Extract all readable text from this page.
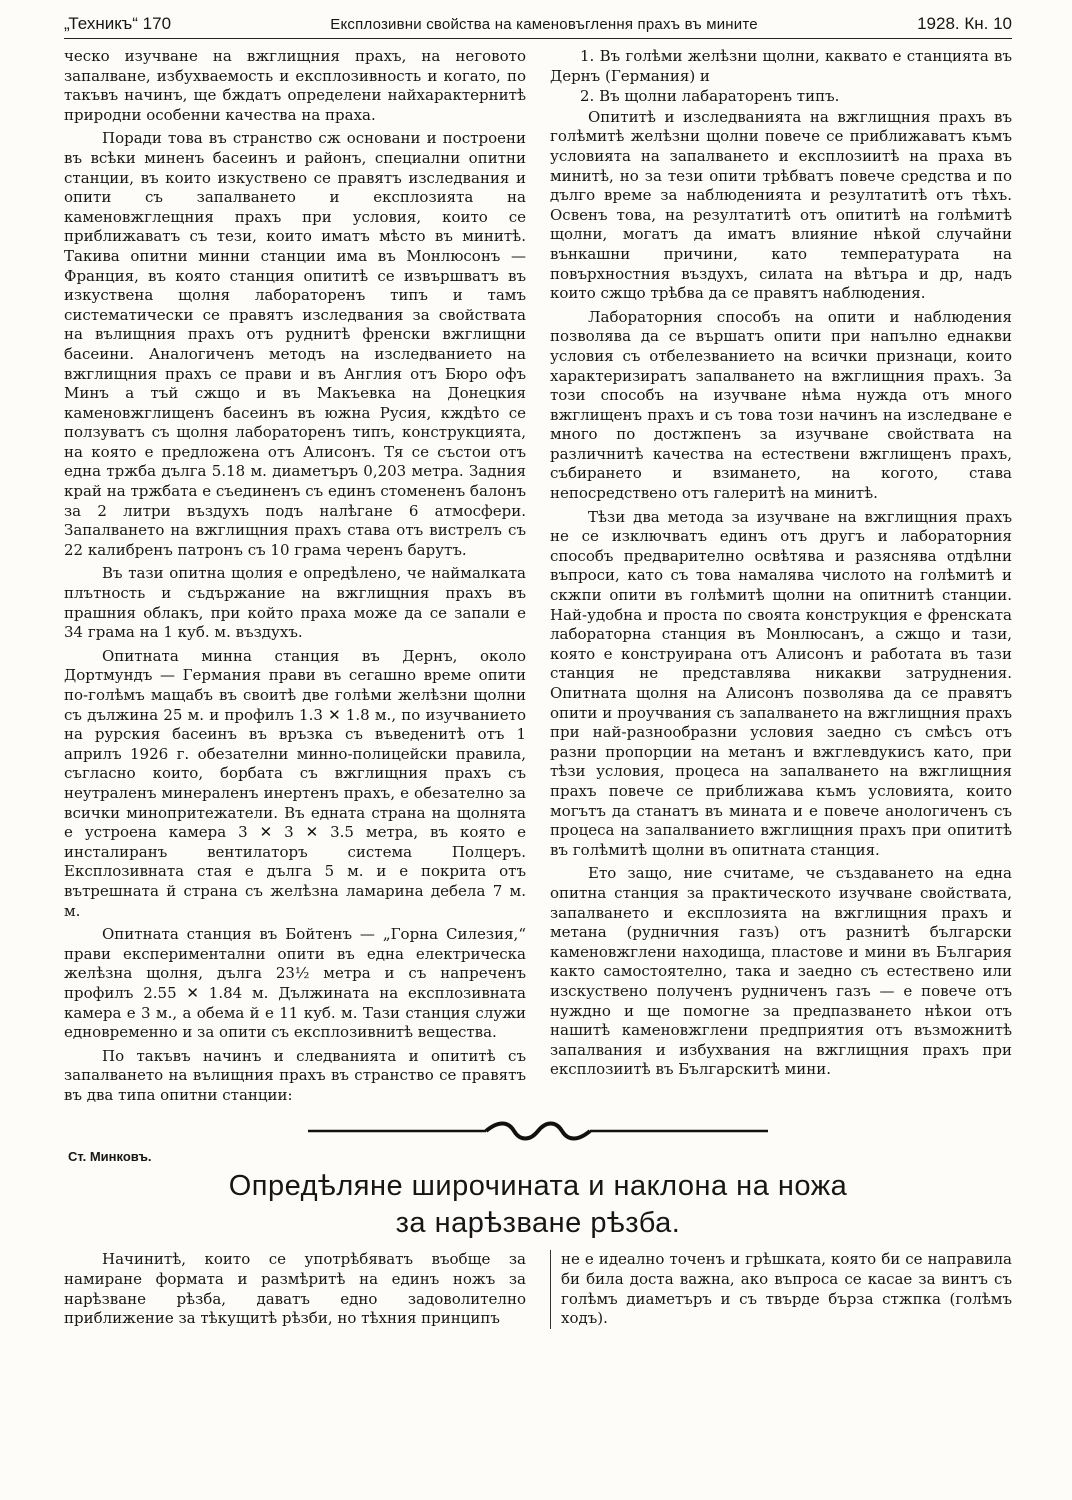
„Техникъ“ 170	Експлозивни свойства на каменовъглення прахъ въ мините	1928. Кн. 10

ческо изучване на вжглищния прахъ, на неговото запалване, избухваемость и експлозивность и когато, по такъвъ начинъ, ще бждатъ определени найхарактернитѣ природни особенни качества на праха.

Поради това въ странство сж основани и построени въ всѣки миненъ басеинъ и районъ, специални опитни станции, въ които изкуствено се правятъ изследвания и опити съ запалването и експлозията на каменовжглещния прахъ при условия, които се приближаватъ съ тези, които иматъ мѣсто въ минитѣ. Такива опитни минни станции има въ Монлюсонъ — Франция, въ която станция опититѣ се извършватъ въ изкуствена щолня лабораторенъ типъ и тамъ систематически се правятъ изследвания за свойствата на вълищния прахъ отъ руднитѣ френски вжглищни басеини. Аналогиченъ методъ на изследванието на вжглищния прахъ се прави и въ Англия отъ Бюро офъ Минъ а тъй сжщо и въ Макъевка на Донецкия каменовжглищенъ басеинъ въ южна Русия, кждѣто се ползуватъ съ щолня лабораторенъ типъ, конструкцията, на която е предложена отъ Алисонъ. Тя се състои отъ една тржба дълга 5.18 м. диаметъръ 0,203 метра. Задния край на тржбата е съединенъ съ единъ стомененъ балонъ за 2 литри въздухъ подъ налѣгане 6 атмосфери. Запалването на вжглищния прахъ става отъ вистрелъ съ 22 калибренъ патронъ съ 10 грама черенъ барутъ.

Въ тази опитна щолия е опредѣлено, че наймалката плътность и съдържание на вжглищния прахъ въ прашния облакъ, при който праха може да се запали е 34 грама на 1 куб. м. въздухъ.

Опитната минна станция въ Дернъ, около Дортмундъ — Германия прави въ сегашно време опити по-голѣмъ мащабъ въ своитѣ две голѣми желѣзни щолни съ дължина 25 м. и профилъ 1.3 ✕ 1.8 м., по изучванието на рурския басеинъ въ връзка съ въведенитѣ отъ 1 априлъ 1926 г. обезателни минно-полицейски правила, съгласно които, борбата съ вжглищния прахъ съ неутраленъ минераленъ инертенъ прахъ, е обезателно за всички минопритежатели. Въ едната страна на щолнята е устроена камера 3 ✕ 3 ✕ 3.5 метра, въ която е инсталиранъ вентилаторъ система Полцеръ. Експлозивната стая е дълга 5 м. и е покрита отъ вътрешната й страна съ желѣзна ламарина дебела 7 м. м.

Опитната станция въ Бойтенъ — „Горна Силезия,“ прави експериментални опити въ една електрическа желѣзна щолня, дълга 23½ метра и съ напреченъ профилъ 2.55 ✕ 1.84 м. Дължината на експлозивната камера е 3 м., а обема й е 11 куб. м. Тази станция служи едновременно и за опити съ експлозивнитѣ вещества.

По такъвъ начинъ и следванията и опититѣ съ запалването на вълищния прахъ въ странство се правятъ въ два типа опитни станции:

1. Въ голѣми желѣзни щолни, каквато е станцията въ Дернъ (Германия) и

2. Въ щолни лабараторенъ типъ.

Опититѣ и изследванията на вжглищния прахъ въ голѣмитѣ желѣзни щолни повече се приближаватъ къмъ условията на запалването и експлозиитѣ на праха въ минитѣ, но за тези опити трѣбватъ повече средства и по дълго време за наблюденията и резултатитѣ отъ тѣхъ. Освенъ това, на резултатитѣ отъ опититѣ на голѣмитѣ щолни, могатъ да иматъ влияние нѣкой случайни вънкашни причини, като температурата на повърхностния въздухъ, силата на вѣтъра и др, надъ които сжщо трѣбва да се правятъ наблюдения.

Лабораторния способъ на опити и наблюдения позволява да се вършатъ опити при напълно еднакви условия съ отбелезванието на всички признаци, които характеризиратъ запалването на вжглищния прахъ. За този способъ на изучване нѣма нужда отъ много вжглищенъ прахъ и съ това този начинъ на изследване е много по достжпенъ за изучване свойствата на различнитѣ качества на естествени вжглищенъ прахъ, събирането и взимането, на когото, става непосредствено отъ галеритѣ на минитѣ.

Тѣзи два метода за изучване на вжглищния прахъ не се изключватъ единъ отъ другъ и лабораторния способъ предварително освѣтява и разяснява отдѣлни въпроси, като съ това намалява числото на голѣмитѣ и скжпи опити въ голѣмитѣ щолни на опитнитѣ станции. Най-удобна и проста по своята конструкция е френската лабораторна станция въ Монлюсанъ, а сжщо и тази, която е конструирана отъ Алисонъ и работата въ тази станция не представлява никакви затруднения. Опитната щолня на Алисонъ позволява да се правятъ опити и проучвания съ запалването на вжглищния прахъ при най-разнообразни условия заедно съ смѣсъ отъ разни пропорции на метанъ и вжглевдукисъ като, при тѣзи условия, процеса на запалването на вжглищния прахъ повече се приближава къмъ условията, които могътъ да станатъ въ мината и е повече анологиченъ съ процеса на запалванието вжглищния прахъ при опититѣ въ голѣмитѣ щолни въ опитната станция.

Ето защо, ние считаме, че създаването на една опитна станция за практическото изучване свойствата, запалването и експлозията на вжглищния прахъ и метана (рудничния газъ) отъ разнитѣ български каменовжглени находища, пластове и мини въ България както самостоятелно, така и заедно съ естествено или изскуствено полученъ рудниченъ газъ — е повече отъ нуждно и ще помогне за предпазването нѣкои отъ нашитѣ каменовжглени предприятия отъ възможнитѣ запалвания и избухвания на вжглищния прахъ при експлозиитѣ въ Българскитѣ мини.

Ст. Минковъ.
Опредѣляне широчината и наклона на ножа
за нарѣзване рѣзба.

Начинитѣ, които се употрѣбяватъ въобще за намиране формата и размѣритѣ на единъ ножъ за нарѣзване рѣзба, даватъ едно задоволително приближение за тѣкущитѣ рѣзби, но тѣхния принципъ

не е идеално точенъ и грѣшката, която би се направила би била доста важна, ако въпроса се касае за винтъ съ голѣмъ диаметъръ и съ твърде бърза стжпка (голѣмъ ходъ).
